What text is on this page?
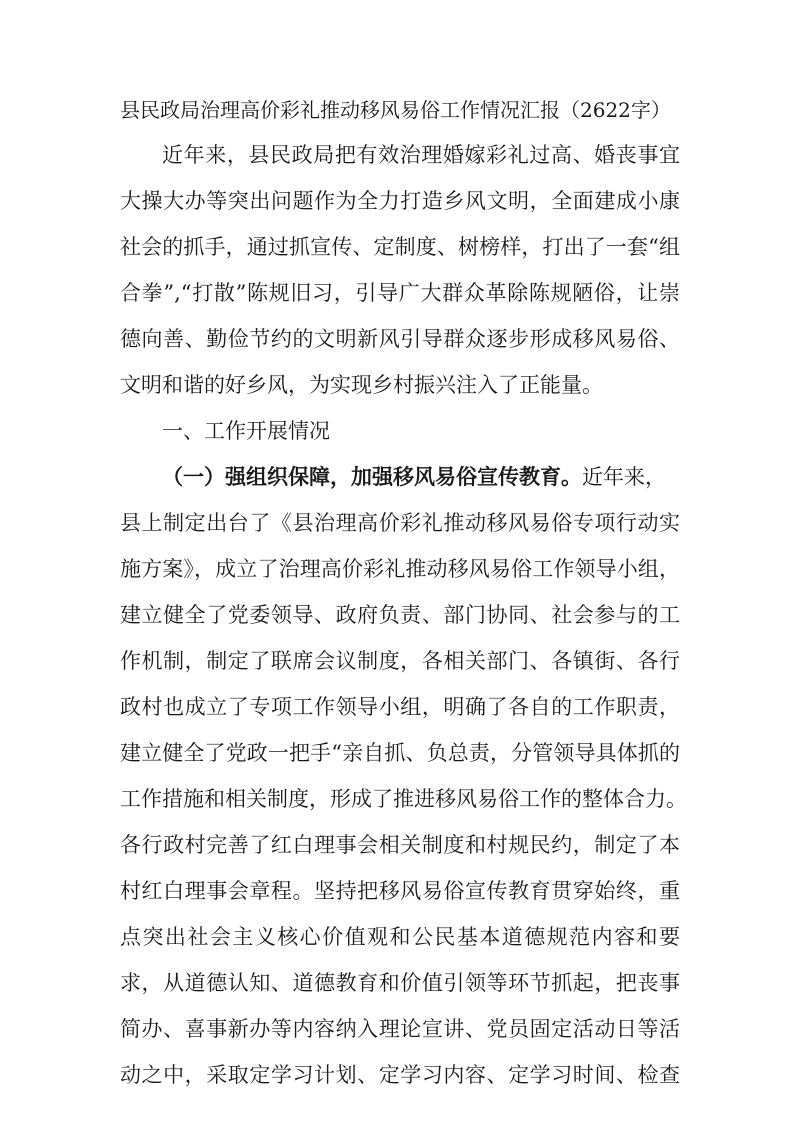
县民政局治理高价彩礼推动移风易俗工作情况汇报（2622字）
近年来，县民政局把有效治理婚嫁彩礼过高、婚丧事宜
大操大办等突出问题作为全力打造乡风文明，全面建成小康
社会的抓手，通过抓宣传、定制度、树榜样，打出了一套“组
合拳”,“打散”陈规旧习，引导广大群众革除陈规陋俗，让崇
德向善、勤俭节约的文明新风引导群众逐步形成移风易俗、
文明和谐的好乡风，为实现乡村振兴注入了正能量。
一、工作开展情况
（一）强组织保障，加强移风易俗宣传教育。近年来，
县上制定出台了《县治理高价彩礼推动移风易俗专项行动实
施方案》，成立了治理高价彩礼推动移风易俗工作领导小组，
建立健全了党委领导、政府负责、部门协同、社会参与的工
作机制，制定了联席会议制度，各相关部门、各镇街、各行
政村也成立了专项工作领导小组，明确了各自的工作职责，
建立健全了党政一把手“亲自抓、负总责，分管领导具体抓的
工作措施和相关制度，形成了推进移风易俗工作的整体合力。
各行政村完善了红白理事会相关制度和村规民约，制定了本
村红白理事会章程。坚持把移风易俗宣传教育贯穿始终，重
点突出社会主义核心价值观和公民基本道德规范内容和要
求，从道德认知、道德教育和价值引领等环节抓起，把丧事
简办、喜事新办等内容纳入理论宣讲、党员固定活动日等活
动之中，采取定学习计划、定学习内容、定学习时间、检查
